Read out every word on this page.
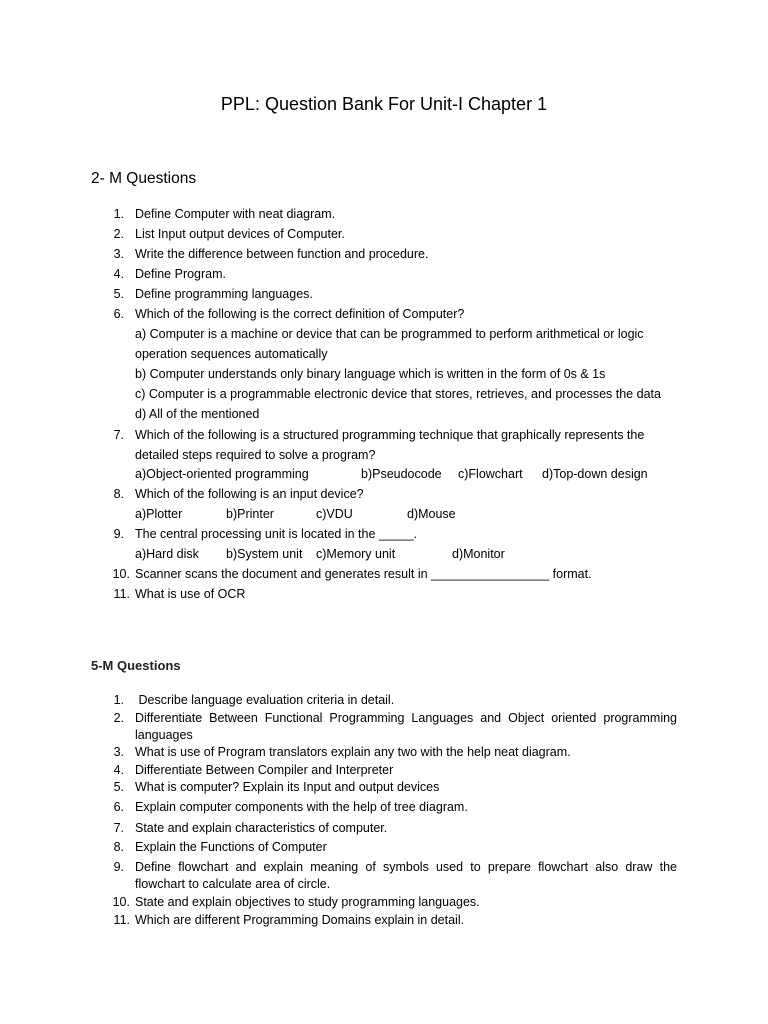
PPL: Question Bank For Unit-I Chapter 1
2- M Questions
1. Define Computer with neat diagram.
2. List Input output devices of Computer.
3. Write the difference between function and procedure.
4. Define Program.
5. Define programming languages.
6. Which of the following is the correct definition of Computer?
a) Computer is a machine or device that can be programmed to perform arithmetical or logic
operation sequences automatically
b) Computer understands only binary language which is written in the form of 0s & 1s
c) Computer is a programmable electronic device that stores, retrieves, and processes the data
d) All of the mentioned
7. Which of the following is a structured programming technique that graphically represents the
detailed steps required to solve a program?
a)Object-oriented programming	b)Pseudocode c)Flowchart d)Top-down design
8. Which of the following is an input device?
a)Plotter	b)Printer	c)VDU	d)Mouse
9. The central processing unit is located in the _____.
a)Hard disk b)System unit c)Memory unit	d)Monitor
10. Scanner scans the document and generates result in _________________ format.
11. What is use of OCR
5-M Questions
1. Describe language evaluation criteria in detail.
2. Differentiate Between Functional Programming Languages and Object oriented programming
languages
3. What is use of Program translators explain any two with the help neat diagram.
4. Differentiate Between Compiler and Interpreter
5. What is computer? Explain its Input and output devices
6. Explain computer components with the help of tree diagram.
7. State and explain characteristics of computer.
8. Explain the Functions of Computer
9. Define flowchart and explain meaning of symbols used to prepare flowchart also draw the
flowchart to calculate area of circle.
10. State and explain objectives to study programming languages.
11. Which are different Programming Domains explain in detail.
